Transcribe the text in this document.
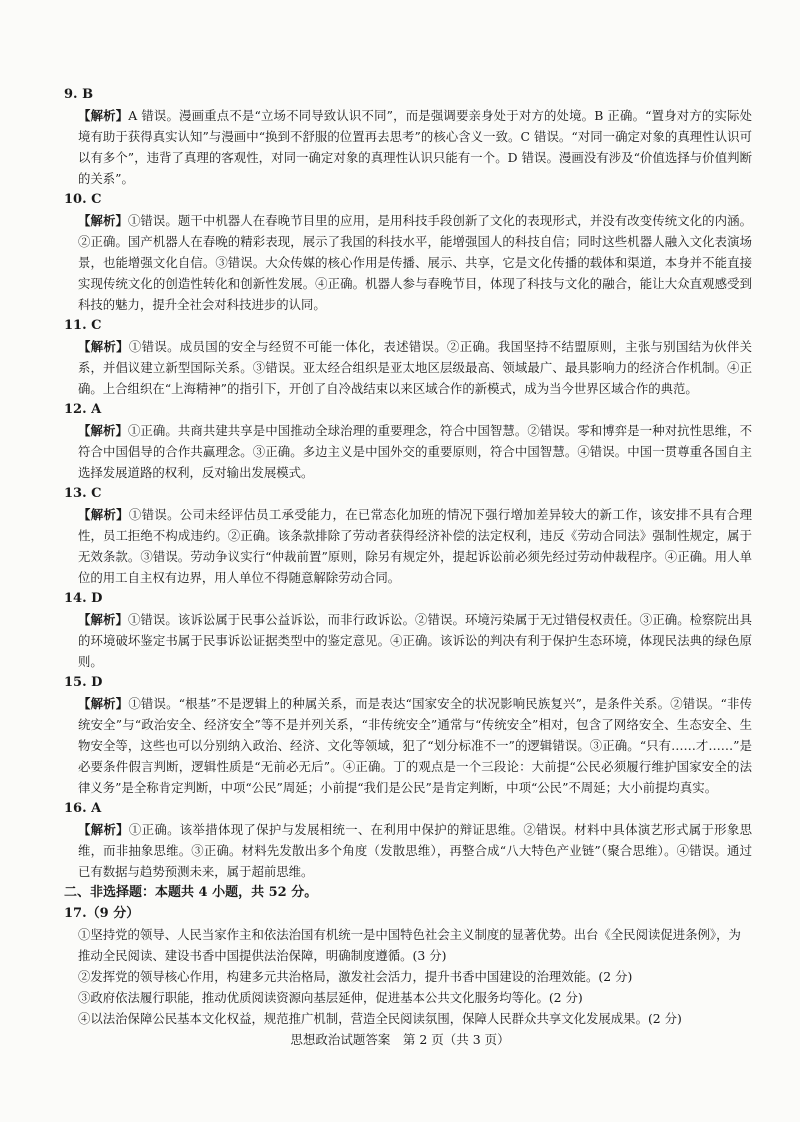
9. B

【解析】A 错误。漫画重点不是“立场不同导致认识不同”，而是强调要亲身处于对方的处境。B 正确。“置身对方的实际处境有助于获得真实认知”与漫画中“换到不舒服的位置再去思考”的核心含义一致。C 错误。“对同一确定对象的真理性认识可以有多个”，违背了真理的客观性，对同一确定对象的真理性认识只能有一个。D 错误。漫画没有涉及“价值选择与价值判断的关系”。

10. C

【解析】①错误。题干中机器人在春晚节目里的应用，是用科技手段创新了文化的表现形式，并没有改变传统文化的内涵。②正确。国产机器人在春晚的精彩表现，展示了我国的科技水平，能增强国人的科技自信；同时这些机器人融入文化表演场景，也能增强文化自信。③错误。大众传媒的核心作用是传播、展示、共享，它是文化传播的载体和渠道，本身并不能直接实现传统文化的创造性转化和创新性发展。④正确。机器人参与春晚节目，体现了科技与文化的融合，能让大众直观感受到科技的魅力，提升全社会对科技进步的认同。

11. C

【解析】①错误。成员国的安全与经贸不可能一体化，表述错误。②正确。我国坚持不结盟原则，主张与别国结为伙伴关系，并倡议建立新型国际关系。③错误。亚太经合组织是亚太地区层级最高、领域最广、最具影响力的经济合作机制。④正确。上合组织在“上海精神”的指引下，开创了自冷战结束以来区域合作的新模式，成为当今世界区域合作的典范。

12. A

【解析】①正确。共商共建共享是中国推动全球治理的重要理念，符合中国智慧。②错误。零和博弈是一种对抗性思维，不符合中国倡导的合作共赢理念。③正确。多边主义是中国外交的重要原则，符合中国智慧。④错误。中国一贯尊重各国自主选择发展道路的权利，反对输出发展模式。

13. C

【解析】①错误。公司未经评估员工承受能力，在已常态化加班的情况下强行增加差异较大的新工作，该安排不具有合理性，员工拒绝不构成违约。②正确。该条款排除了劳动者获得经济补偿的法定权利，违反《劳动合同法》强制性规定，属于无效条款。③错误。劳动争议实行“仲裁前置”原则，除另有规定外，提起诉讼前必须先经过劳动仲裁程序。④正确。用人单位的用工自主权有边界，用人单位不得随意解除劳动合同。

14. D

【解析】①错误。该诉讼属于民事公益诉讼，而非行政诉讼。②错误。环境污染属于无过错侵权责任。③正确。检察院出具的环境破坏鉴定书属于民事诉讼证据类型中的鉴定意见。④正确。该诉讼的判决有利于保护生态环境，体现民法典的绿色原则。

15. D

【解析】①错误。“根基”不是逻辑上的种属关系，而是表达“国家安全的状况影响民族复兴”，是条件关系。②错误。“非传统安全”与“政治安全、经济安全”等不是并列关系，“非传统安全”通常与“传统安全”相对，包含了网络安全、生态安全、生物安全等，这些也可以分别纳入政治、经济、文化等领域，犯了“划分标准不一”的逻辑错误。③正确。“只有……才……”是必要条件假言判断，逻辑性质是“无前必无后”。④正确。丁的观点是一个三段论：大前提“公民必须履行维护国家安全的法律义务”是全称肯定判断，中项“公民”周延；小前提“我们是公民”是肯定判断，中项“公民”不周延；大小前提均真实。

16. A

【解析】①正确。该举措体现了保护与发展相统一、在利用中保护的辩证思维。②错误。材料中具体演艺形式属于形象思维，而非抽象思维。③正确。材料先发散出多个角度（发散思维），再整合成“八大特色产业链”（聚合思维）。④错误。通过已有数据与趋势预测未来，属于超前思维。

二、非选择题：本题共 4 小题，共 52 分。
17.（9 分）

①坚持党的领导、人民当家作主和依法治国有机统一是中国特色社会主义制度的显著优势。出台《全民阅读促进条例》，为推动全民阅读、建设书香中国提供法治保障，明确制度遵循。(3 分)

②发挥党的领导核心作用，构建多元共治格局，激发社会活力，提升书香中国建设的治理效能。(2 分)

③政府依法履行职能，推动优质阅读资源向基层延伸，促进基本公共文化服务均等化。(2 分)

④以法治保障公民基本文化权益，规范推广机制，营造全民阅读氛围，保障人民群众共享文化发展成果。(2 分)

思想政治试题答案　第 2 页（共 3 页）
